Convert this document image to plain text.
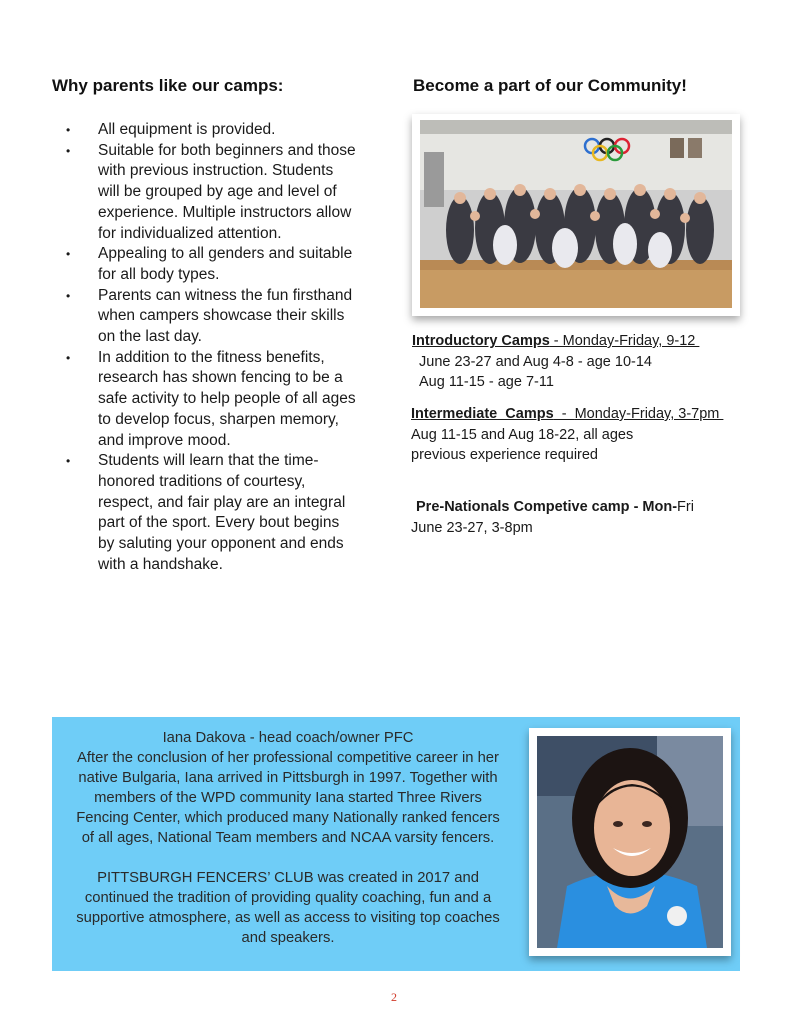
Why parents like our camps:
• All equipment is provided.
• Suitable for both beginners and those
with previous instruction. Students
will be grouped by age and level of
experience. Multiple instructors allow
for individualized attention.
• Appealing to all genders and suitable
for all body types.
• Parents can witness the fun firsthand
when campers showcase their skills
on the last day.
• In addition to the fitness benefits,
research has shown fencing to be a
safe activity to help people of all ages
to develop focus, sharpen memory,
and improve mood.
• Students will learn that the time-
honored traditions of courtesy,
respect, and fair play are an integral
part of the sport. Every bout begins
by saluting your opponent and ends
with a handshake.
Become a part of our Community!
Introductory Camps - Monday-Friday, 9-12
June 23-27 and Aug 4-8 - age 10-14
Aug 11-15 - age 7-11
Intermediate  Camps  -  Monday-Friday, 3-7pm
Aug 11-15 and Aug 18-22, all ages
previous experience required
Pre-Nationals Competive camp - Mon-Fri
June 23-27, 3-8pm

Iana Dakova - head coach/owner PFC

After the conclusion of her professional competitive career in her

native Bulgaria, Iana arrived in Pittsburgh in 1997. Together with

members of the WPD community Iana started Three Rivers

Fencing Center, which produced many Nationally ranked fencers

of all ages, National Team members and NCAA varsity fencers.

PITTSBURGH FENCERS’ CLUB was created in 2017 and

continued the tradition of providing quality coaching, fun and a

supportive atmosphere, as well as access to visiting top coaches

and speakers.

2
